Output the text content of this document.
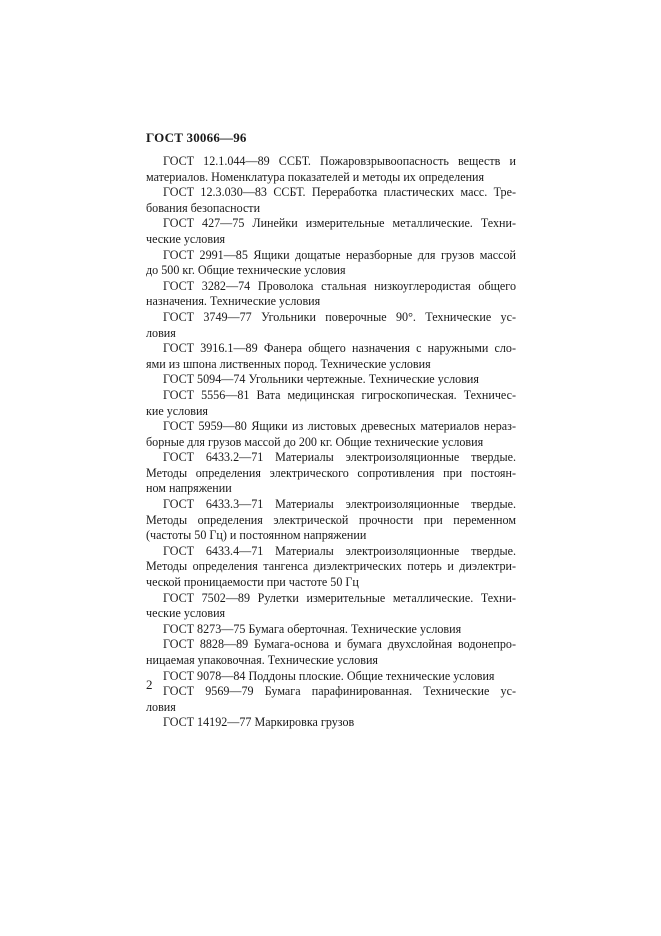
ГОСТ 30066—96
ГОСТ 12.1.044—89 ССБТ. Пожаровзрывоопасность веществ и
материалов. Номенклатура показателей и методы их определения
ГОСТ 12.3.030—83 ССБТ. Переработка пластических масс. Тре-
бования безопасности
ГОСТ 427—75 Линейки измерительные металлические. Техни-
ческие условия
ГОСТ 2991—85 Ящики дощатые неразборные для грузов массой
до 500 кг. Общие технические условия
ГОСТ 3282—74 Проволока стальная низкоуглеродистая общего
назначения. Технические условия
ГОСТ 3749—77 Угольники поверочные 90°. Технические ус-
ловия
ГОСТ 3916.1—89 Фанера общего назначения с наружными сло-
ями из шпона лиственных пород. Технические условия
ГОСТ 5094—74 Угольники чертежные. Технические условия
ГОСТ 5556—81 Вата медицинская гигроскопическая. Техничес-
кие условия
ГОСТ 5959—80 Ящики из листовых древесных материалов нераз-
борные для грузов массой до 200 кг. Общие технические условия
ГОСТ 6433.2—71 Материалы электроизоляционные твердые.
Методы определения электрического сопротивления при постоян-
ном напряжении
ГОСТ 6433.3—71 Материалы электроизоляционные твердые.
Методы определения электрической прочности при переменном
(частоты 50 Гц) и постоянном напряжении
ГОСТ 6433.4—71 Материалы электроизоляционные твердые.
Методы определения тангенса диэлектрических потерь и диэлектри-
ческой проницаемости при частоте 50 Гц
ГОСТ 7502—89 Рулетки измерительные металлические. Техни-
ческие условия
ГОСТ 8273—75 Бумага оберточная. Технические условия
ГОСТ 8828—89 Бумага-основа и бумага двухслойная водонепро-
ницаемая упаковочная. Технические условия
ГОСТ 9078—84 Поддоны плоские. Общие технические условия
ГОСТ 9569—79 Бумага парафинированная. Технические ус-
ловия
ГОСТ 14192—77 Маркировка грузов

2
